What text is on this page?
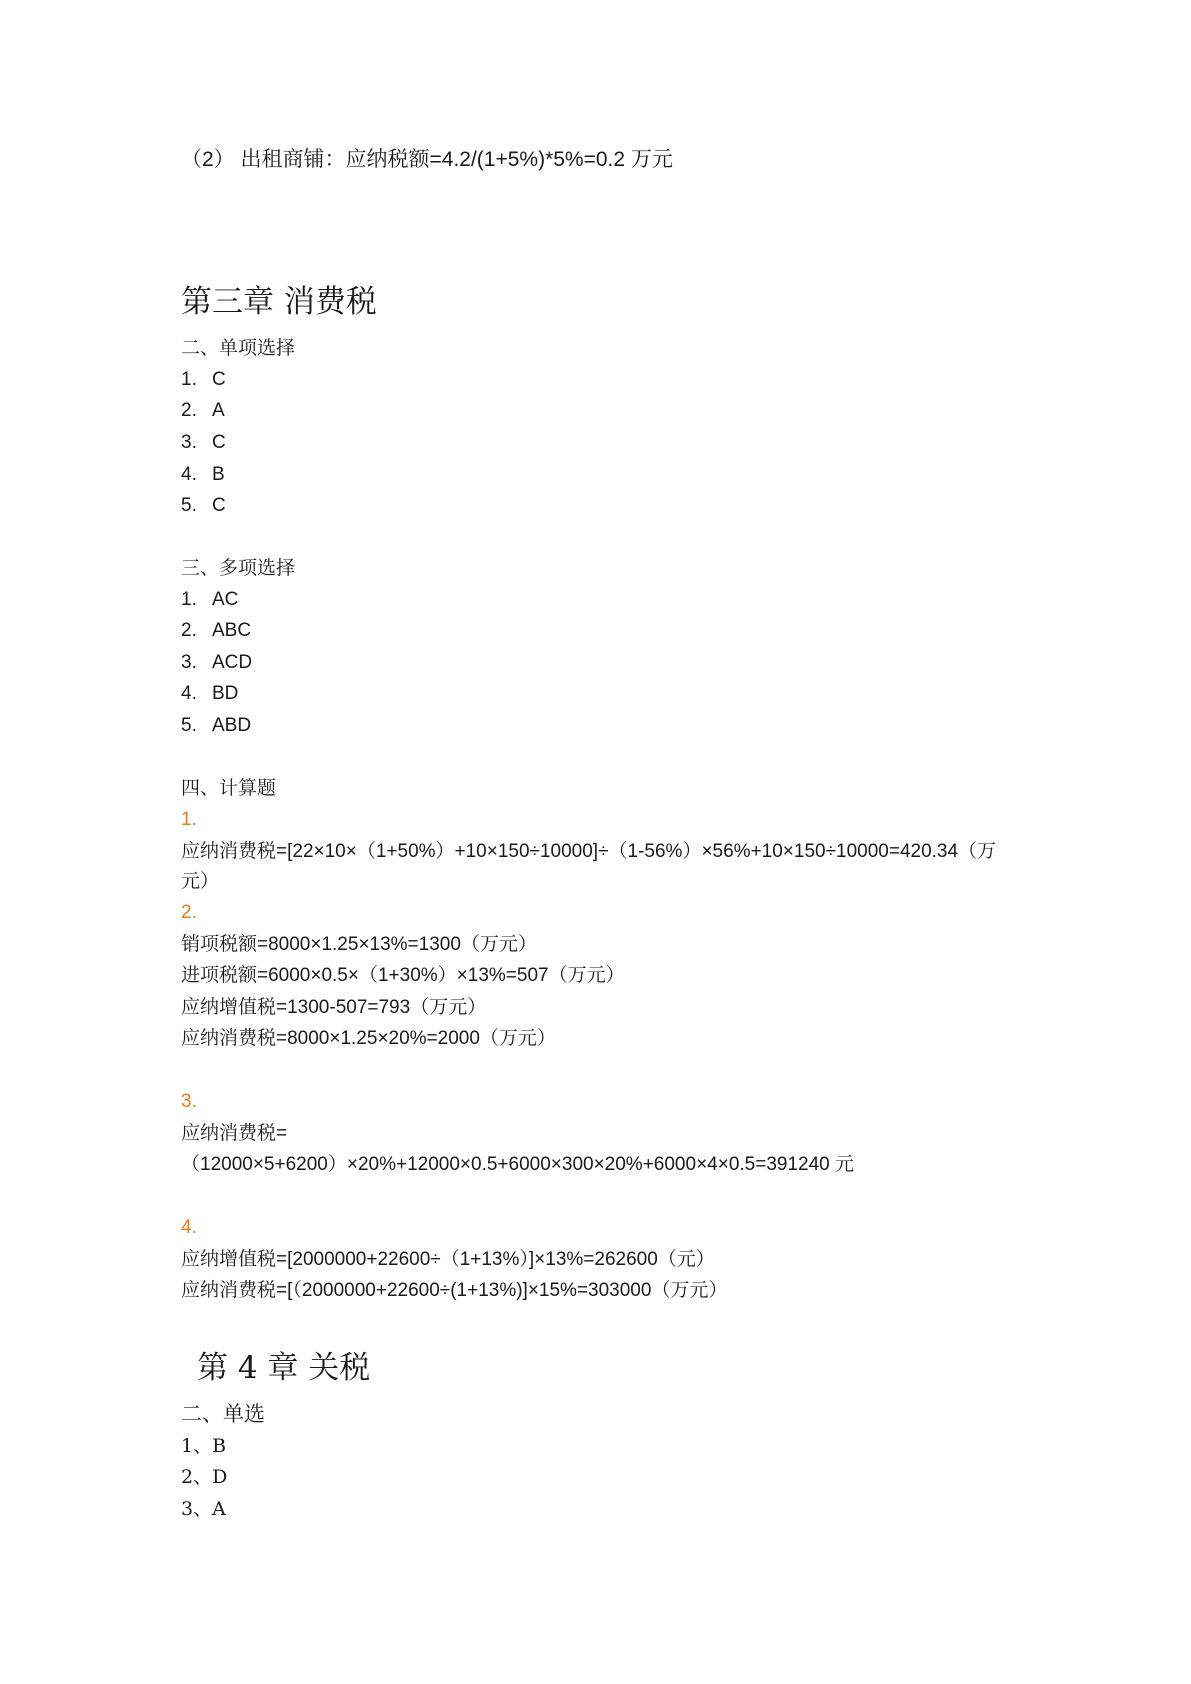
（2） 出租商铺：应纳税额=4.2/(1+5%)*5%=0.2 万元
第三章 消费税
二、单项选择
1. C
2. A
3. C
4. B
5. C
三、多项选择
1. AC
2. ABC
3. ACD
4. BD
5. ABD
四、计算题
1.
应纳消费税=[22×10×（1+50%）+10×150÷10000]÷（1-56%）×56%+10×150÷10000=420.34（万
元）
2.
销项税额=8000×1.25×13%=1300（万元）
进项税额=6000×0.5×（1+30%）×13%=507（万元）
应纳增值税=1300-507=793（万元）
应纳消费税=8000×1.25×20%=2000（万元）
3.
应纳消费税=
（12000×5+6200）×20%+12000×0.5+6000×300×20%+6000×4×0.5=391240 元
4.
应纳增值税=[2000000+22600÷（1+13%）]×13%=262600（元）
应纳消费税=[（2000000+22600÷(1+13%)]×15%=303000（万元）
第 4 章 关税
二、单选
1、B
2、D
3、A
